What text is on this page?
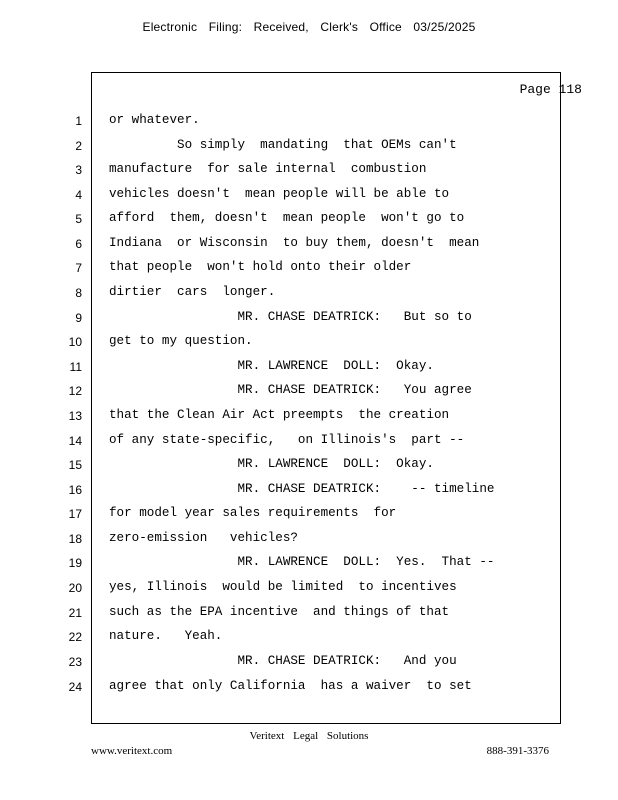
Electronic Filing: Received, Clerk's Office 03/25/2025
Page 118
1 or whatever.
2 So simply  mandating  that OEMs can't
3 manufacture  for sale internal  combustion
4 vehicles doesn't  mean people will be able to
5 afford  them, doesn't  mean people  won't go to
6 Indiana  or Wisconsin  to buy them, doesn't  mean
7 that people  won't hold onto their older
8 dirtier  cars  longer.
9 MR. CHASE DEATRICK:   But so to
10 get to my question.
11 MR. LAWRENCE  DOLL:  Okay.
12 MR. CHASE DEATRICK:   You agree
13 that the Clean Air Act preempts  the creation
14 of any state-specific,   on Illinois's  part --
15 MR. LAWRENCE  DOLL:  Okay.
16 MR. CHASE DEATRICK:    -- timeline
17 for model year sales requirements  for
18 zero-emission   vehicles?
19 MR. LAWRENCE  DOLL:  Yes.  That --
20 yes, Illinois  would be limited  to incentives
21 such as the EPA incentive  and things of that
22 nature.   Yeah.
23 MR. CHASE DEATRICK:   And you
24 agree that only California  has a waiver  to set
Veritext Legal Solutions
www.veritext.com	888-391-3376
